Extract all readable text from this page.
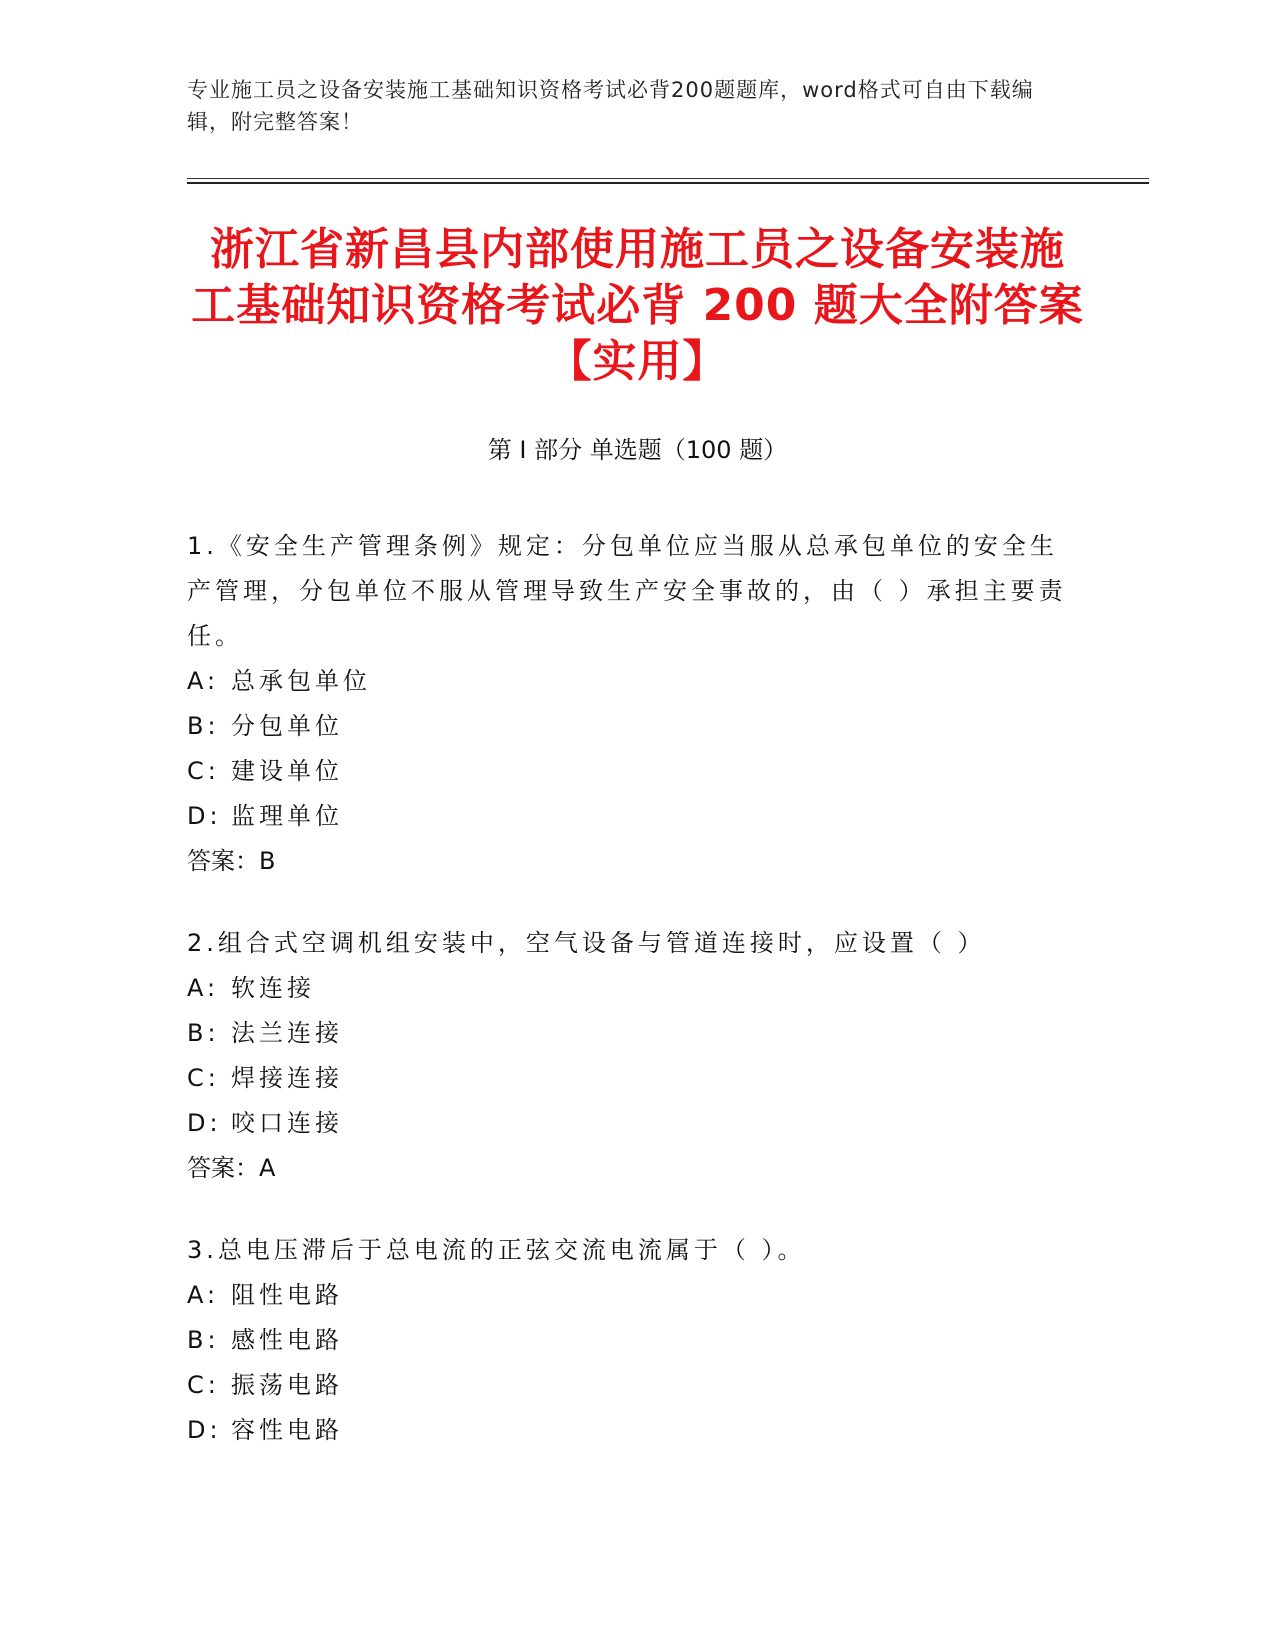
专业施工员之设备安装施工基础知识资格考试必背200题题库，word格式可自由下载编辑，附完整答案！
浙江省新昌县内部使用施工员之设备安装施
工基础知识资格考试必背 200 题大全附答案
【实用】
第 I 部分 单选题（100 题）
1.《安全生产管理条例》规定：分包单位应当服从总承包单位的安全生产管理，分包单位不服从管理导致生产安全事故的，由（ ）承担主要责任。
A: 总承包单位
B: 分包单位
C: 建设单位
D: 监理单位
答案：B
2.组合式空调机组安装中，空气设备与管道连接时，应设置（ ）
A: 软连接
B: 法兰连接
C: 焊接连接
D: 咬口连接
答案：A
3.总电压滞后于总电流的正弦交流电流属于（ ）。
A: 阻性电路
B: 感性电路
C: 振荡电路
D: 容性电路
